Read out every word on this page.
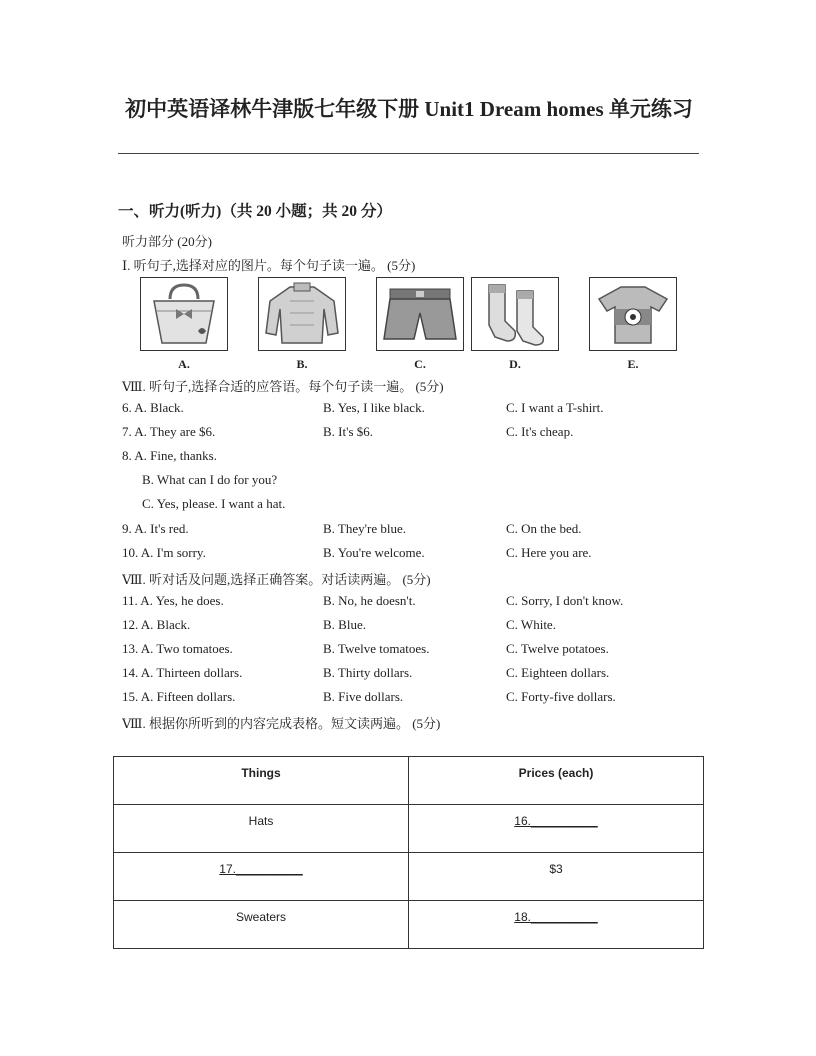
初中英语译林牛津版七年级下册 Unit1 Dream homes 单元练习
一、听力(听力)（共 20 小题；共 20 分）
听力部分 (20分)
Ⅰ. 听句子,选择对应的图片。每个句子读一遍。 (5分)
A.	B.	C.	D.	E.
Ⅷ. 听句子,选择合适的应答语。每个句子读一遍。 (5分)
6. A. Black.	B. Yes, I like black.	C. I want a T-shirt.
7. A. They are $6.	B. It's $6.	C. It's cheap.
8. A. Fine, thanks.
B. What can I do for you?
C. Yes, please. I want a hat.
9. A. It's red.	B. They're blue.	C. On the bed.
10. A. I'm sorry.	B. You're welcome.	C. Here you are.
Ⅷ. 听对话及问题,选择正确答案。对话读两遍。 (5分)
11. A. Yes, he does.	B. No, he doesn't.	C. Sorry, I don't know.
12. A. Black.	B. Blue.	C. White.
13. A. Two tomatoes.	B. Twelve tomatoes.	C. Twelve potatoes.
14. A. Thirteen dollars.	B. Thirty dollars.	C. Eighteen dollars.
15. A. Fifteen dollars.	B. Five dollars.	C. Forty-five dollars.
Ⅷ. 根据你所听到的内容完成表格。短文读两遍。 (5分)
Things	Prices (each)
Hats	16.__________
17.__________	$3
Sweaters	18.__________
